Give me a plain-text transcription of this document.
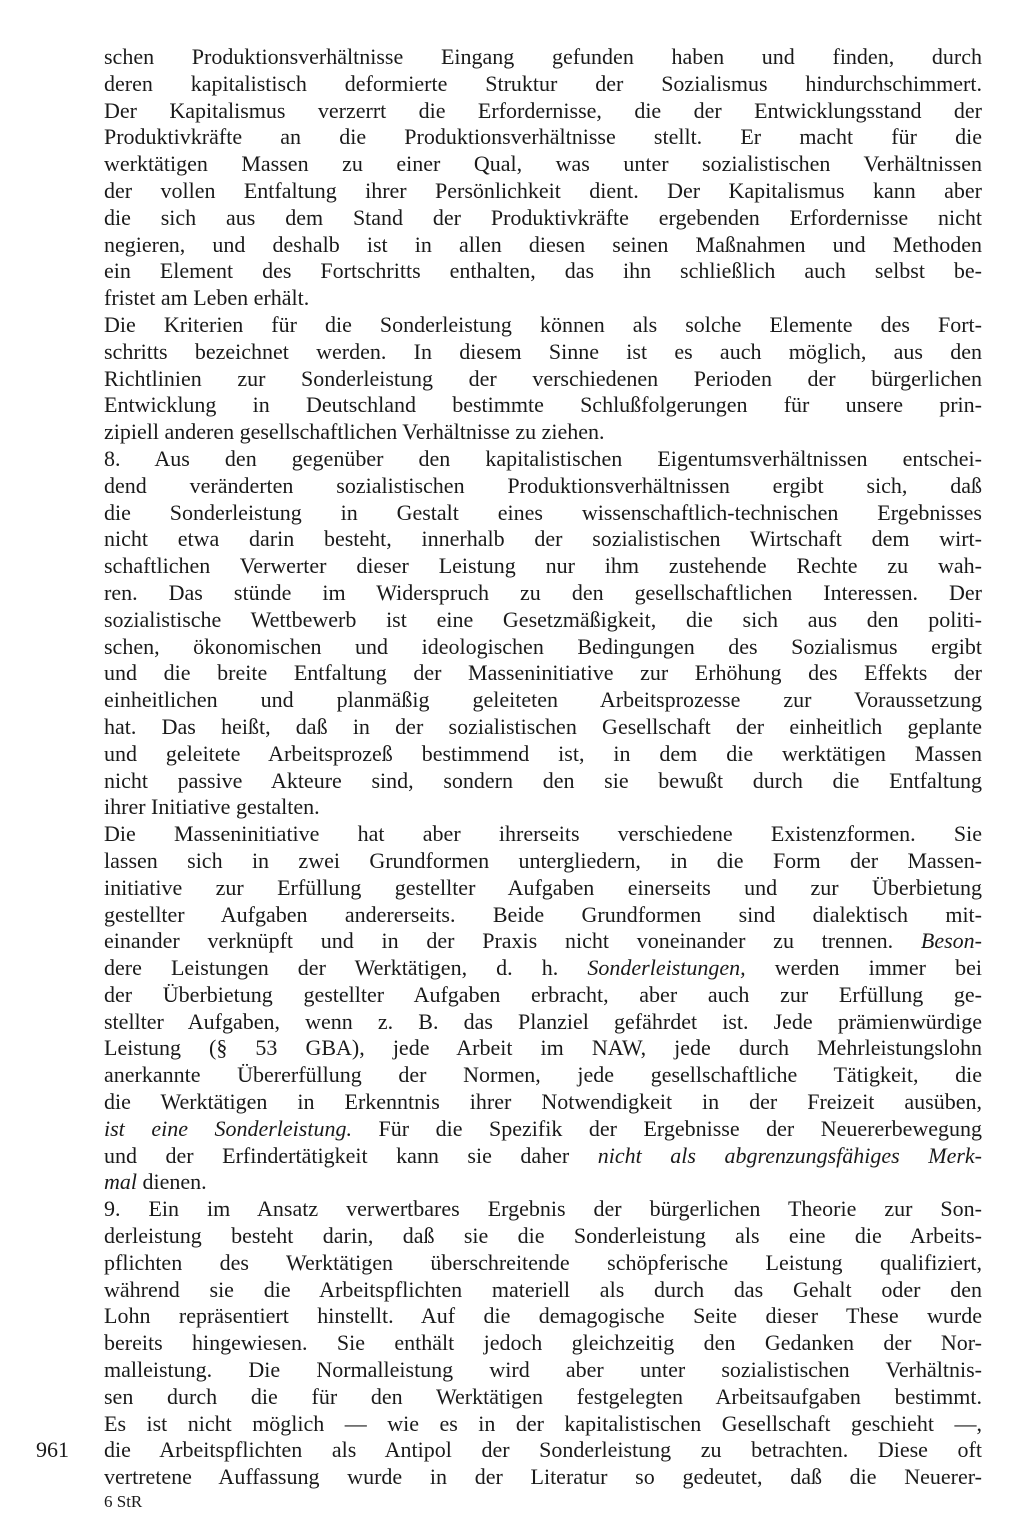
schen Produktionsverhältnisse Eingang gefunden haben und finden, durch
deren kapitalistisch deformierte Struktur der Sozialismus hindurchschimmert.
Der Kapitalismus verzerrt die Erfordernisse, die der Entwicklungsstand der
Produktivkräfte an die Produktionsverhältnisse stellt. Er macht für die
werktätigen Massen zu einer Qual, was unter sozialistischen Verhältnissen
der vollen Entfaltung ihrer Persönlichkeit dient. Der Kapitalismus kann aber
die sich aus dem Stand der Produktivkräfte ergebenden Erfordernisse nicht
negieren, und deshalb ist in allen diesen seinen Maßnahmen und Methoden
ein Element des Fortschritts enthalten, das ihn schließlich auch selbst be-
fristet am Leben erhält.

Die Kriterien für die Sonderleistung können als solche Elemente des Fort-
schritts bezeichnet werden. In diesem Sinne ist es auch möglich, aus den
Richtlinien zur Sonderleistung der verschiedenen Perioden der bürgerlichen
Entwicklung in Deutschland bestimmte Schlußfolgerungen für unsere prin-
zipiell anderen gesellschaftlichen Verhältnisse zu ziehen.

8. Aus den gegenüber den kapitalistischen Eigentumsverhältnissen entschei-
dend veränderten sozialistischen Produktionsverhältnissen ergibt sich, daß
die Sonderleistung in Gestalt eines wissenschaftlich-technischen Ergebnisses
nicht etwa darin besteht, innerhalb der sozialistischen Wirtschaft dem wirt-
schaftlichen Verwerter dieser Leistung nur ihm zustehende Rechte zu wah-
ren. Das stünde im Widerspruch zu den gesellschaftlichen Interessen. Der
sozialistische Wettbewerb ist eine Gesetzmäßigkeit, die sich aus den politi-
schen, ökonomischen und ideologischen Bedingungen des Sozialismus ergibt
und die breite Entfaltung der Masseninitiative zur Erhöhung des Effekts der
einheitlichen und planmäßig geleiteten Arbeitsprozesse zur Voraussetzung
hat. Das heißt, daß in der sozialistischen Gesellschaft der einheitlich geplante
und geleitete Arbeitsprozeß bestimmend ist, in dem die werktätigen Massen
nicht passive Akteure sind, sondern den sie bewußt durch die Entfaltung
ihrer Initiative gestalten.

Die Masseninitiative hat aber ihrerseits verschiedene Existenzformen. Sie
lassen sich in zwei Grundformen untergliedern, in die Form der Massen-
initiative zur Erfüllung gestellter Aufgaben einerseits und zur Überbietung
gestellter Aufgaben andererseits. Beide Grundformen sind dialektisch mit-
einander verknüpft und in der Praxis nicht voneinander zu trennen. Beson-
dere Leistungen der Werktätigen, d. h. Sonderleistungen, werden immer bei
der Überbietung gestellter Aufgaben erbracht, aber auch zur Erfüllung ge-
stellter Aufgaben, wenn z. B. das Planziel gefährdet ist. Jede prämienwürdige
Leistung (§ 53 GBA), jede Arbeit im NAW, jede durch Mehrleistungslohn
anerkannte Übererfüllung der Normen, jede gesellschaftliche Tätigkeit, die
die Werktätigen in Erkenntnis ihrer Notwendigkeit in der Freizeit ausüben,
ist eine Sonderleistung. Für die Spezifik der Ergebnisse der Neuererbewegung
und der Erfindertätigkeit kann sie daher nicht als abgrenzungsfähiges Merk-
mal dienen.

9. Ein im Ansatz verwertbares Ergebnis der bürgerlichen Theorie zur Son-
derleistung besteht darin, daß sie die Sonderleistung als eine die Arbeits-
pflichten des Werktätigen überschreitende schöpferische Leistung qualifiziert,
während sie die Arbeitspflichten materiell als durch das Gehalt oder den
Lohn repräsentiert hinstellt. Auf die demagogische Seite dieser These wurde
bereits hingewiesen. Sie enthält jedoch gleichzeitig den Gedanken der Nor-
malleistung. Die Normalleistung wird aber unter sozialistischen Verhältnis-
sen durch die für den Werktätigen festgelegten Arbeitsaufgaben bestimmt.

Es ist nicht möglich — wie es in der kapitalistischen Gesellschaft geschieht —,
die Arbeitspflichten als Antipol der Sonderleistung zu betrachten. Diese oft
vertretene Auffassung wurde in der Literatur so gedeutet, daß die Neuerer-

961
6 StR
